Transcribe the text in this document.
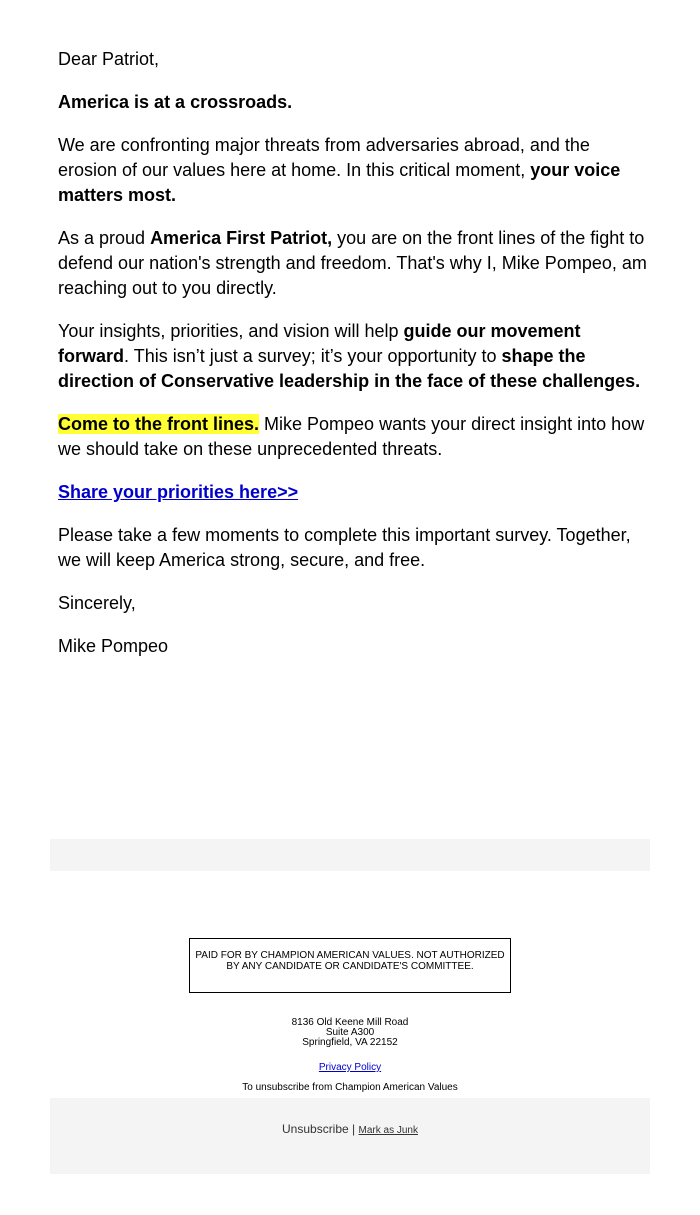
Dear Patriot,

America is at a crossroads.

We are confronting major threats from adversaries abroad, and the erosion of our values here at home. In this critical moment, your voice matters most.

As a proud America First Patriot, you are on the front lines of the fight to defend our nation's strength and freedom. That's why I, Mike Pompeo, am reaching out to you directly.

Your insights, priorities, and vision will help guide our movement forward. This isn’t just a survey; it’s your opportunity to shape the direction of Conservative leadership in the face of these challenges.

Come to the front lines. Mike Pompeo wants your direct insight into how we should take on these unprecedented threats.

Share your priorities here>>

Please take a few moments to complete this important survey. Together, we will keep America strong, secure, and free.

Sincerely,

Mike Pompeo

PAID FOR BY CHAMPION AMERICAN VALUES. NOT AUTHORIZED BY ANY CANDIDATE OR CANDIDATE'S COMMITTEE.
8136 Old Keene Mill Road
Suite A300
Springfield, VA 22152
Privacy Policy
To unsubscribe from Champion American Values
Unsubscribe | Mark as Junk
